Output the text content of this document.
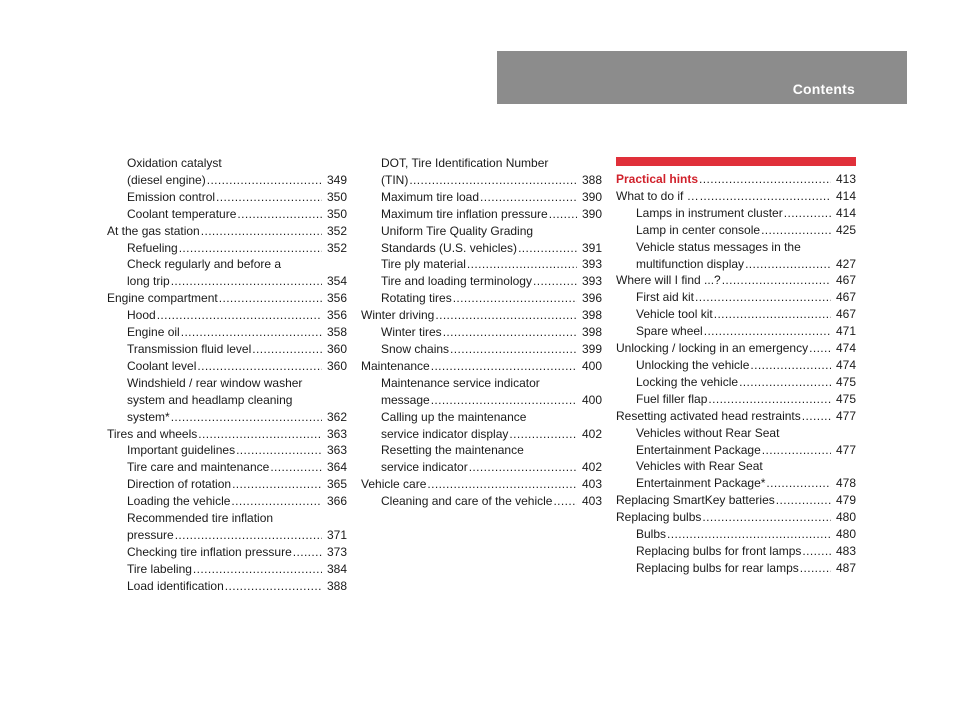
Contents
Oxidation catalyst
(diesel engine) .....	349
Emission control .....	350
Coolant temperature .....	350
At the gas station .....	352
Refueling .....	352
Check regularly and before a
long trip .....	354
Engine compartment .....	356
Hood .....	356
Engine oil .....	358
Transmission fluid level .....	360
Coolant level .....	360
Windshield / rear window washer
system and headlamp cleaning
system* .....	362
Tires and wheels .....	363
Important guidelines .....	363
Tire care and maintenance .....	364
Direction of rotation .....	365
Loading the vehicle .....	366
Recommended tire inflation
pressure .....	371
Checking tire inflation pressure .....	373
Tire labeling .....	384
Load identification .....	388
DOT, Tire Identification Number
(TIN) .....	388
Maximum tire load .....	390
Maximum tire inflation pressure .....	390
Uniform Tire Quality Grading
Standards (U.S. vehicles) .....	391
Tire ply material .....	393
Tire and loading terminology .....	393
Rotating tires .....	396
Winter driving .....	398
Winter tires .....	398
Snow chains .....	399
Maintenance .....	400
Maintenance service indicator
message .....	400
Calling up the maintenance
service indicator display .....	402
Resetting the maintenance
service indicator .....	402
Vehicle care .....	403
Cleaning and care of the vehicle ..... 403
Practical hints .....	413
What to do if … .....	414
Lamps in instrument cluster .....	414
Lamp in center console .....	425
Vehicle status messages in the
multifunction display .....	427
Where will I find ...? .....	467
First aid kit .....	467
Vehicle tool kit .....	467
Spare wheel .....	471
Unlocking / locking in an emergency ..... 474
Unlocking the vehicle .....	474
Locking the vehicle .....	475
Fuel filler flap .....	475
Resetting activated head restraints .....	477
Vehicles without Rear Seat
Entertainment Package .....	477
Vehicles with Rear Seat
Entertainment Package* .....	478
Replacing SmartKey batteries .....	479
Replacing bulbs .....	480
Bulbs .....	480
Replacing bulbs for front lamps .....	483
Replacing bulbs for rear lamps .....	487
